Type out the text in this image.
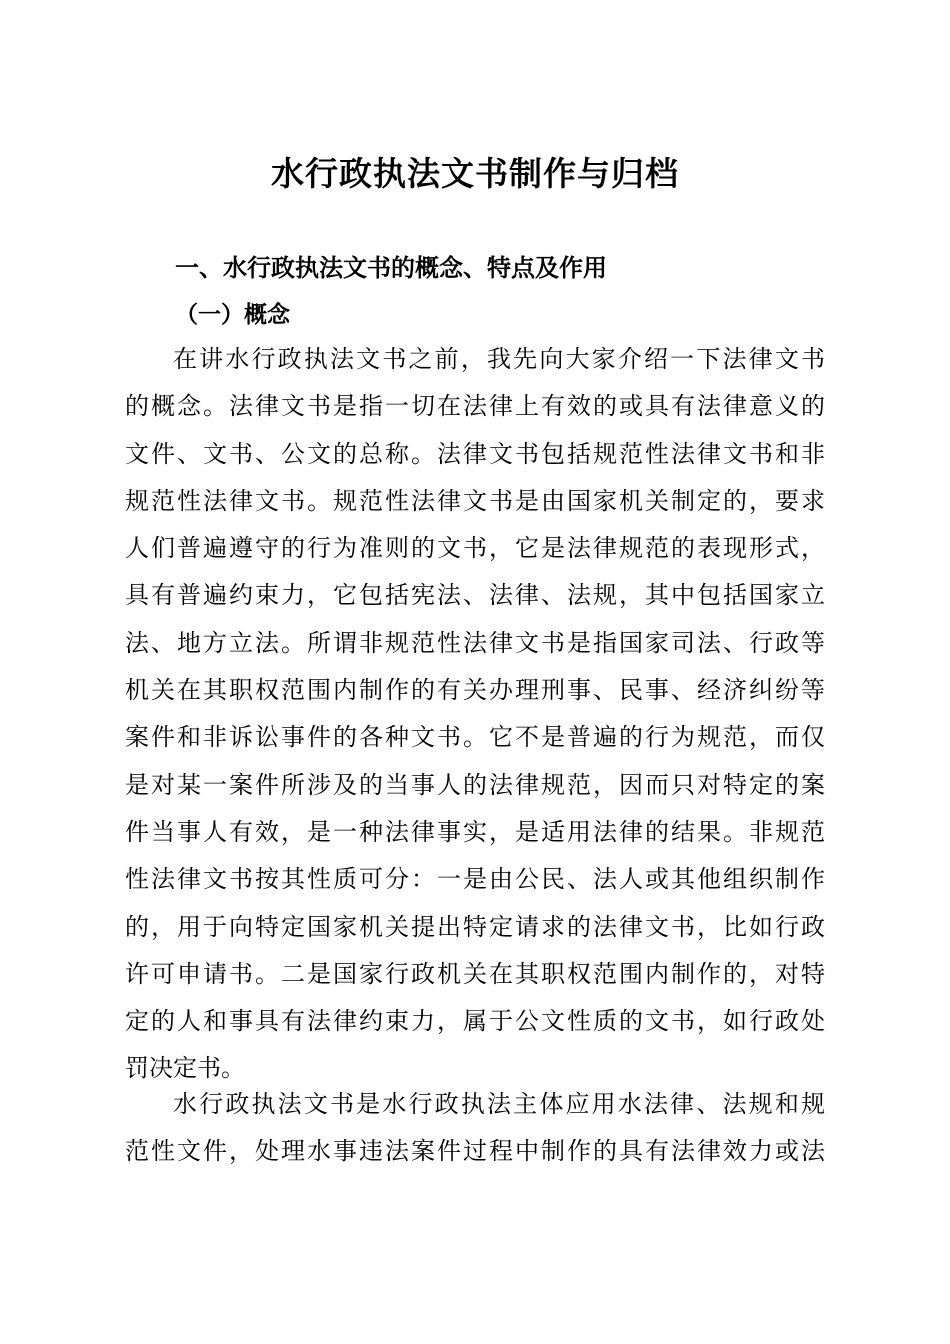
水行政执法文书制作与归档
一、水行政执法文书的概念、特点及作用
（一）概念
在讲水行政执法文书之前，我先向大家介绍一下法律文书
的概念。法律文书是指一切在法律上有效的或具有法律意义的
文件、文书、公文的总称。法律文书包括规范性法律文书和非
规范性法律文书。规范性法律文书是由国家机关制定的，要求
人们普遍遵守的行为准则的文书，它是法律规范的表现形式，
具有普遍约束力，它包括宪法、法律、法规，其中包括国家立
法、地方立法。所谓非规范性法律文书是指国家司法、行政等
机关在其职权范围内制作的有关办理刑事、民事、经济纠纷等
案件和非诉讼事件的各种文书。它不是普遍的行为规范，而仅
是对某一案件所涉及的当事人的法律规范，因而只对特定的案
件当事人有效，是一种法律事实，是适用法律的结果。非规范
性法律文书按其性质可分：一是由公民、法人或其他组织制作
的，用于向特定国家机关提出特定请求的法律文书，比如行政
许可申请书。二是国家行政机关在其职权范围内制作的，对特
定的人和事具有法律约束力，属于公文性质的文书，如行政处
罚决定书。
水行政执法文书是水行政执法主体应用水法律、法规和规
范性文件，处理水事违法案件过程中制作的具有法律效力或法
